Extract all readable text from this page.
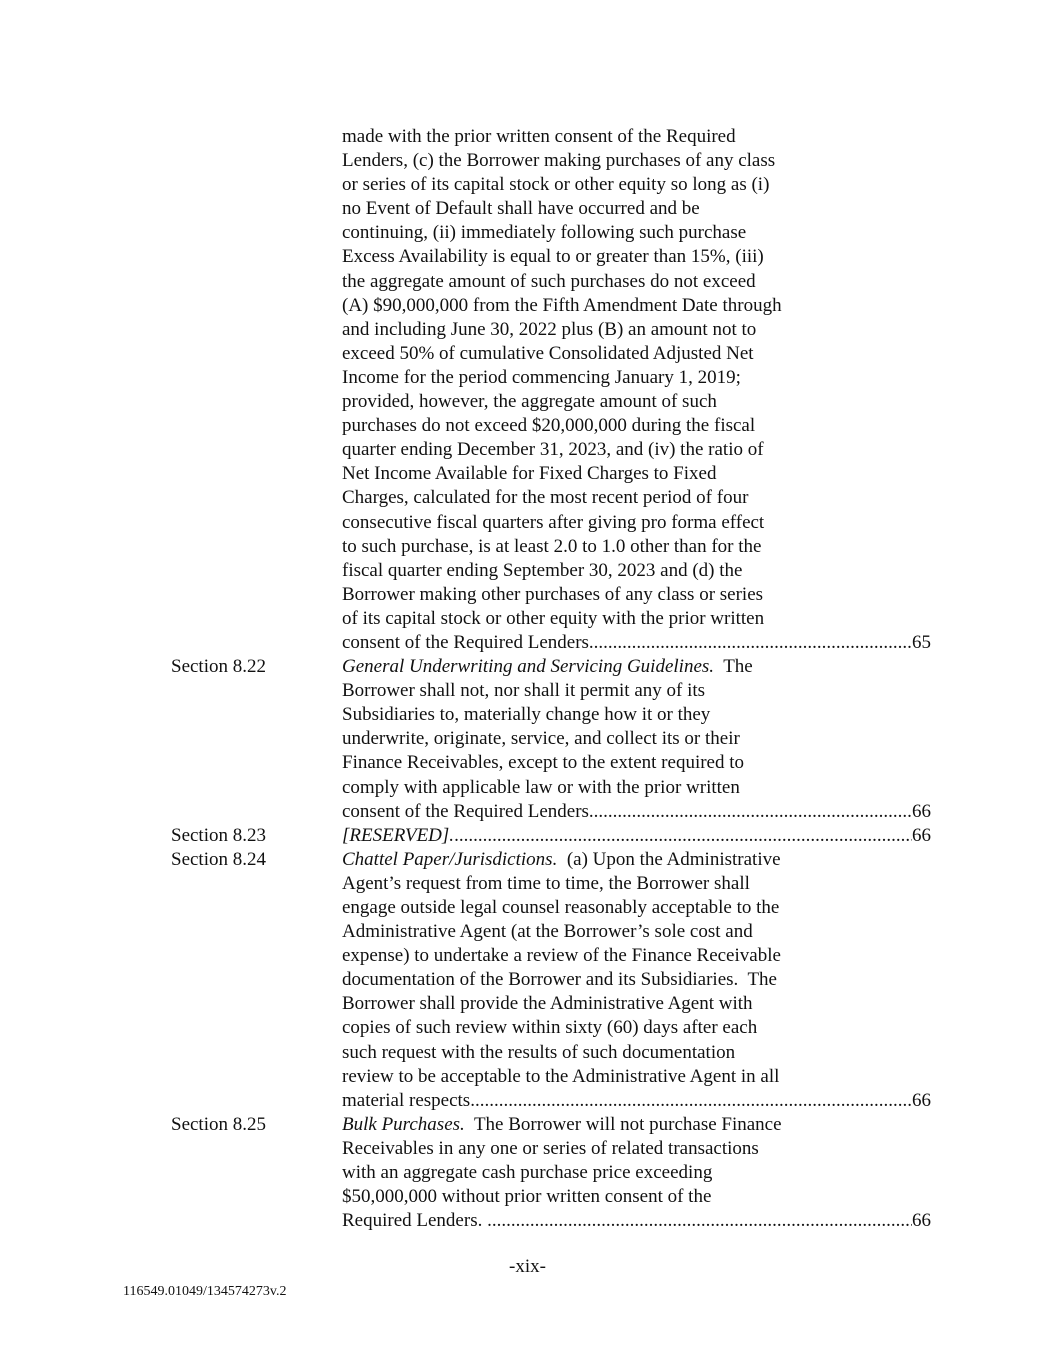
made with the prior written consent of the Required
Lenders, (c) the Borrower making purchases of any class
or series of its capital stock or other equity so long as (i)
no Event of Default shall have occurred and be
continuing, (ii) immediately following such purchase
Excess Availability is equal to or greater than 15%, (iii)
the aggregate amount of such purchases do not exceed
(A) $90,000,000 from the Fifth Amendment Date through
and including June 30, 2022 plus (B) an amount not to
exceed 50% of cumulative Consolidated Adjusted Net
Income for the period commencing January 1, 2019;
provided, however, the aggregate amount of such
purchases do not exceed $20,000,000 during the fiscal
quarter ending December 31, 2023, and (iv) the ratio of
Net Income Available for Fixed Charges to Fixed
Charges, calculated for the most recent period of four
consecutive fiscal quarters after giving pro forma effect
to such purchase, is at least 2.0 to 1.0 other than for the
fiscal quarter ending September 30, 2023 and (d) the
Borrower making other purchases of any class or series
of its capital stock or other equity with the prior written
consent of the Required Lenders .....	65
Section 8.22	General Underwriting and Servicing Guidelines.  The
Borrower shall not, nor shall it permit any of its
Subsidiaries to, materially change how it or they
underwrite, originate, service, and collect its or their
Finance Receivables, except to the extent required to
comply with applicable law or with the prior written
consent of the Required Lenders .....	66
Section 8.23	[RESERVED]. .....	66
Section 8.24	Chattel Paper/Jurisdictions.  (a) Upon the Administrative
Agent’s request from time to time, the Borrower shall
engage outside legal counsel reasonably acceptable to the
Administrative Agent (at the Borrower’s sole cost and
expense) to undertake a review of the Finance Receivable
documentation of the Borrower and its Subsidiaries.  The
Borrower shall provide the Administrative Agent with
copies of such review within sixty (60) days after each
such request with the results of such documentation
review to be acceptable to the Administrative Agent in all
material respects .....	66
Section 8.25	Bulk Purchases.  The Borrower will not purchase Finance
Receivables in any one or series of related transactions
with an aggregate cash purchase price exceeding
$50,000,000 without prior written consent of the
Required Lenders. .....	66
-xix-
116549.01049/134574273v.2
